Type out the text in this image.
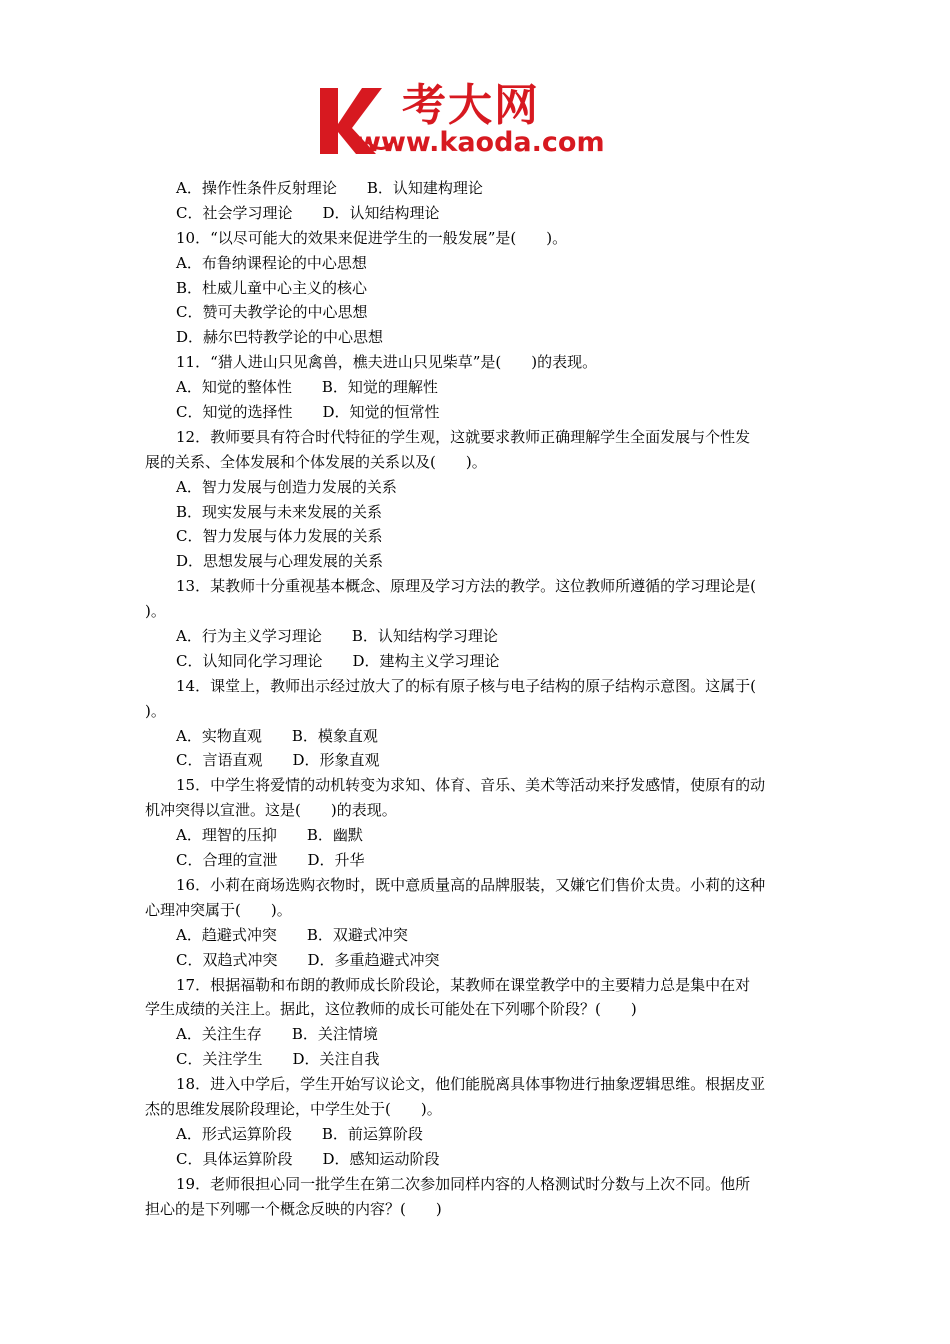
考大网
www.kaoda.com
A．操作性条件反射理论 B．认知建构理论
C．社会学习理论 D．认知结构理论
10．“以尽可能大的效果来促进学生的一般发展”是(　　)。
A．布鲁纳课程论的中心思想
B．杜威儿童中心主义的核心
C．赞可夫教学论的中心思想
D．赫尔巴特教学论的中心思想
11．“猎人进山只见禽兽，樵夫进山只见柴草”是(　　)的表现。
A．知觉的整体性 B．知觉的理解性
C．知觉的选择性 D．知觉的恒常性
12．教师要具有符合时代特征的学生观，这就要求教师正确理解学生全面发展与个性发
展的关系、全体发展和个体发展的关系以及(　　)。
A．智力发展与创造力发展的关系
B．现实发展与未来发展的关系
C．智力发展与体力发展的关系
D．思想发展与心理发展的关系
13．某教师十分重视基本概念、原理及学习方法的教学。这位教师所遵循的学习理论是(
)。
A．行为主义学习理论 B．认知结构学习理论
C．认知同化学习理论 D．建构主义学习理论
14．课堂上，教师出示经过放大了的标有原子核与电子结构的原子结构示意图。这属于(
)。
A．实物直观 B．模象直观
C．言语直观 D．形象直观
15．中学生将爱情的动机转变为求知、体育、音乐、美术等活动来抒发感情，使原有的动
机冲突得以宣泄。这是(　　)的表现。
A．理智的压抑 B．幽默
C．合理的宣泄 D．升华
16．小莉在商场选购衣物时，既中意质量高的品牌服装，又嫌它们售价太贵。小莉的这种
心理冲突属于(　　)。
A．趋避式冲突 B．双避式冲突
C．双趋式冲突 D．多重趋避式冲突
17．根据福勒和布朗的教师成长阶段论，某教师在课堂教学中的主要精力总是集中在对
学生成绩的关注上。据此，这位教师的成长可能处在下列哪个阶段？(　　)
A．关注生存 B．关注情境
C．关注学生 D．关注自我
18．进入中学后，学生开始写议论文，他们能脱离具体事物进行抽象逻辑思维。根据皮亚
杰的思维发展阶段理论，中学生处于(　　)。
A．形式运算阶段 B．前运算阶段
C．具体运算阶段 D．感知运动阶段
19．老师很担心同一批学生在第二次参加同样内容的人格测试时分数与上次不同。他所
担心的是下列哪一个概念反映的内容？(　　)
